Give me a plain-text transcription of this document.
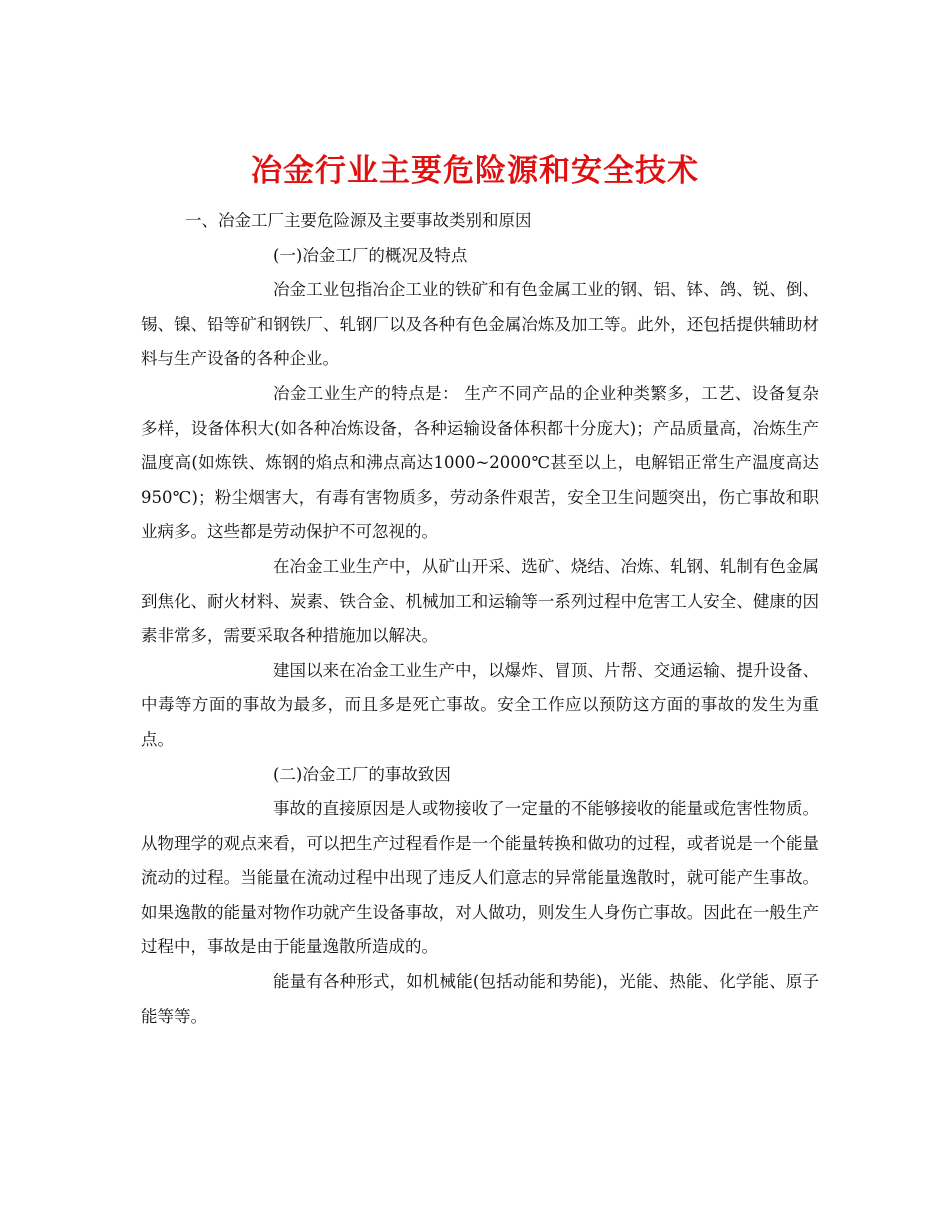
冶金行业主要危险源和安全技术

一、冶金工厂主要危险源及主要事故类别和原因

(一)冶金工厂的概况及特点

冶金工业包指冶企工业的铁矿和有色金属工业的钢、铝、钵、鸽、锐、倒、锡、镍、铅等矿和钢铁厂、轧钢厂以及各种有色金属冶炼及加工等。此外，还包括提供辅助材料与生产设备的各种企业。

冶金工业生产的特点是： 生产不同产品的企业种类繁多，工艺、设备复杂多样，设备体积大(如各种冶炼设备，各种运输设备体积都十分庞大)；产品质量高，冶炼生产温度高(如炼铁、炼钢的焰点和沸点高达1000~2000℃甚至以上，电解铝正常生产温度高达950℃)；粉尘烟害大，有毒有害物质多，劳动条件艰苦，安全卫生问题突出，伤亡事故和职业病多。这些都是劳动保护不可忽视的。

在冶金工业生产中，从矿山开采、选矿、烧结、冶炼、轧钢、轧制有色金属到焦化、耐火材料、炭素、铁合金、机械加工和运输等一系列过程中危害工人安全、健康的因素非常多，需要采取各种措施加以解决。

建国以来在冶金工业生产中，以爆炸、冒顶、片帮、交通运输、提升设备、中毒等方面的事故为最多，而且多是死亡事故。安全工作应以预防这方面的事故的发生为重点。

(二)冶金工厂的事故致因

事故的直接原因是人或物接收了一定量的不能够接收的能量或危害性物质。从物理学的观点来看，可以把生产过程看作是一个能量转换和做功的过程，或者说是一个能量流动的过程。当能量在流动过程中出现了违反人们意志的异常能量逸散时，就可能产生事故。如果逸散的能量对物作功就产生设备事故，对人做功，则发生人身伤亡事故。因此在一般生产过程中，事故是由于能量逸散所造成的。

能量有各种形式，如机械能(包括动能和势能)，光能、热能、化学能、原子能等等。
